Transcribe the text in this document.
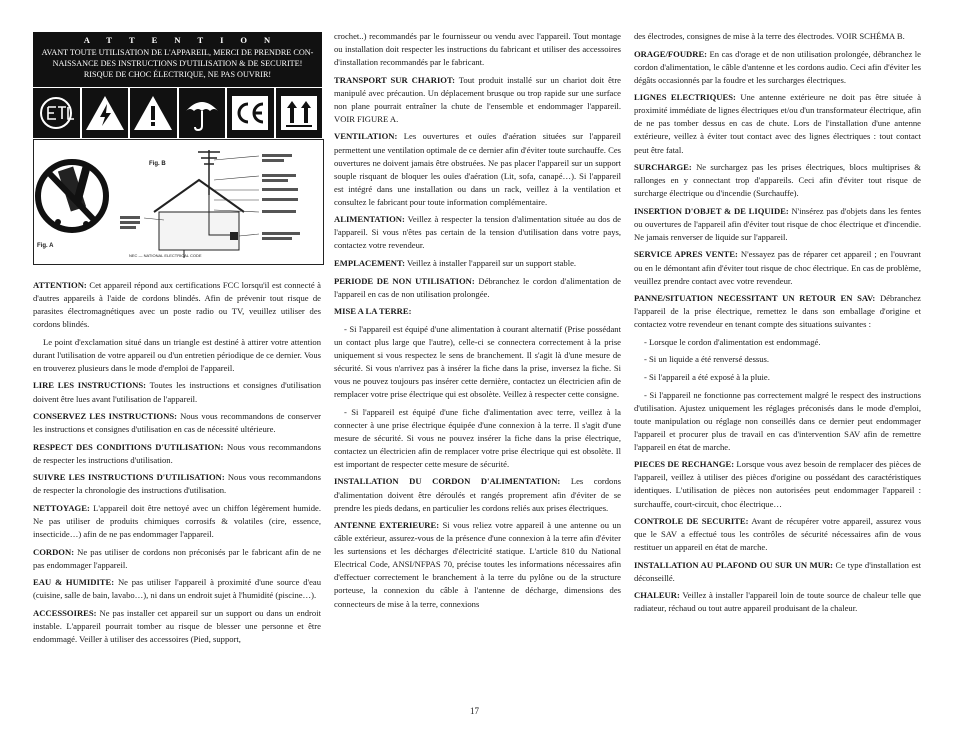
ATTENTION
AVANT TOUTE UTILISATION DE L'APPAREIL, MERCI DE PRENDRE CON-
NAISSANCE DES INSTRUCTIONS D'UTILISATION & DE SECURITE!
RISQUE DE CHOC ÉLECTRIQUE, NE PAS OUVRIR!
Fig. B
Fig. A
NEC — NATIONAL ELECTRICAL CODE

ATTENTION: Cet appareil répond aux certifications FCC lorsqu'il est connecté à d'autres appareils à l'aide de cordons blindés. Afin de prévenir tout risque de parasites électromagnétiques avec un poste radio ou TV, veuillez utiliser des cordons blindés.

Le point d'exclamation situé dans un triangle est destiné à attirer votre attention durant l'utilisation de votre appareil ou d'un entretien périodique de ce dernier. Vous en trouverez plusieurs dans le mode d'emploi de l'appareil.

LIRE LES INSTRUCTIONS: Toutes les instructions et consignes d'utilisation doivent être lues avant l'utilisation de l'appareil.

CONSERVEZ LES INSTRUCTIONS: Nous vous recommandons de conserver les instructions et consignes d'utilisation en cas de nécessité ultérieure.

RESPECT DES CONDITIONS D'UTILISATION: Nous vous recommandons de respecter les instructions d'utilisation.

SUIVRE LES INSTRUCTIONS D'UTILISATION: Nous vous recommandons de respecter la chronologie des instructions d'utilisation.

NETTOYAGE: L'appareil doit être nettoyé avec un chiffon légèrement humide. Ne pas utiliser de produits chimiques corrosifs & volatiles (cire, essence, insecticide…) afin de ne pas endommager l'appareil.

CORDON: Ne pas utiliser de cordons non préconisés par le fabricant afin de ne pas endommager l'appareil.

EAU & HUMIDITE: Ne pas utiliser l'appareil à proximité d'une source d'eau (cuisine, salle de bain, lavabo…), ni dans un endroit sujet à l'humidité (piscine…).

ACCESSOIRES: Ne pas installer cet appareil sur un support ou dans un endroit instable. L'appareil pourrait tomber au risque de blesser une personne et être endommagé. Veiller à utiliser des accessoires (Pied, support,

crochet..) recommandés par le fournisseur ou vendu avec l'appareil. Tout montage ou installation doit respecter les instructions du fabricant et utiliser des accessoires d'installation recommandés par le fabricant.

TRANSPORT SUR CHARIOT: Tout produit installé sur un chariot doit être manipulé avec précaution. Un déplacement brusque ou trop rapide sur une surface non plane pourrait entraîner la chute de l'ensemble et endommager l'appareil. VOIR FIGURE A.

VENTILATION: Les ouvertures et ouïes d'aération situées sur l'appareil permettent une ventilation optimale de ce dernier afin d'éviter toute surchauffe. Ces ouvertures ne doivent jamais être obstruées. Ne pas placer l'appareil sur un support souple risquant de bloquer les ouïes d'aération (Lit, sofa, canapé…). Si l'appareil est intégré dans une installation ou dans un rack, veillez à la ventilation et consultez le fabricant pour toute information complémentaire.

ALIMENTATION: Veillez à respecter la tension d'alimentation située au dos de l'appareil. Si vous n'êtes pas certain de la tension d'utilisation dans votre pays, contactez votre revendeur.

EMPLACEMENT: Veillez à installer l'appareil sur un support stable.

PERIODE DE NON UTILISATION: Débranchez le cordon d'alimentation de l'appareil en cas de non utilisation prolongée.

MISE A LA TERRE:

- Si l'appareil est équipé d'une alimentation à courant alternatif (Prise possédant un contact plus large que l'autre), celle-ci se connectera correctement à la prise uniquement si vous respectez le sens de branchement. Il s'agit là d'une mesure de sécurité. Si vous n'arrivez pas à insérer la fiche dans la prise, inversez la fiche. Si vous ne pouvez toujours pas insérer cette dernière, contactez un électricien afin de remplacer votre prise électrique qui est obsolète. Veillez à respecter cette consigne.

- Si l'appareil est équipé d'une fiche d'alimentation avec terre, veillez à la connecter à une prise électrique équipée d'une connexion à la terre. Il s'agit d'une mesure de sécurité. Si vous ne pouvez insérer la fiche dans la prise électrique, contactez un électricien afin de remplacer votre prise électrique qui est obsolète. Il est important de respecter cette mesure de sécurité.

INSTALLATION DU CORDON D'ALIMENTATION: Les cordons d'alimentation doivent être déroulés et rangés proprement afin d'éviter de se prendre les pieds dedans, en particulier les cordons reliés aux prises électriques.

ANTENNE EXTERIEURE: Si vous reliez votre appareil à une antenne ou un câble extérieur, assurez-vous de la présence d'une connexion à la terre afin d'éviter les surtensions et les décharges d'électricité statique. L'article 810 du National Electrical Code, ANSI/NFPAS 70, précise toutes les informations nécessaires afin d'effectuer correctement le branchement à la terre du pylône ou de la structure porteuse, la connexion du câble à l'antenne de décharge, dimensions des connecteurs de mise à la terre, connexions

des électrodes, consignes de mise à la terre des électrodes. VOIR SCHÉMA B.

ORAGE/FOUDRE: En cas d'orage et de non utilisation prolongée, débranchez le cordon d'alimentation, le câble d'antenne et les cordons audio. Ceci afin d'éviter les dégâts occasionnés par la foudre et les surcharges électriques.

LIGNES ELECTRIQUES: Une antenne extérieure ne doit pas être située à proximité immédiate de lignes électriques et/ou d'un transformateur électrique, afin de ne pas tomber dessus en cas de chute. Lors de l'installation d'une antenne extérieure, veillez à éviter tout contact avec des lignes électriques : tout contact peut être fatal.

SURCHARGE: Ne surchargez pas les prises électriques, blocs multiprises & rallonges en y connectant trop d'appareils. Ceci afin d'éviter tout risque de surcharge électrique ou d'incendie (Surchauffe).

INSERTION D'OBJET & DE LIQUIDE: N'insérez pas d'objets dans les fentes ou ouvertures de l'appareil afin d'éviter tout risque de choc électrique et d'incendie. Ne jamais renverser de liquide sur l'appareil.

SERVICE APRES VENTE: N'essayez pas de réparer cet appareil ; en l'ouvrant ou en le démontant afin d'éviter tout risque de choc électrique. En cas de problème, veuillez prendre contact avec votre revendeur.

PANNE/SITUATION NECESSITANT UN RETOUR EN SAV: Débranchez l'appareil de la prise électrique, remettez le dans son emballage d'origine et contactez votre revendeur en tenant compte des situations suivantes :

- Lorsque le cordon d'alimentation est endommagé.

- Si un liquide a été renversé dessus.

- Si l'appareil a été exposé à la pluie.

- Si l'appareil ne fonctionne pas correctement malgré le respect des instructions d'utilisation. Ajustez uniquement les réglages préconisés dans le mode d'emploi, toute manipulation ou réglage non conseillés dans ce dernier peut endommager l'appareil et procurer plus de travail en cas d'intervention SAV afin de remettre l'appareil en état de marche.

PIECES DE RECHANGE: Lorsque vous avez besoin de remplacer des pièces de l'appareil, veillez à utiliser des pièces d'origine ou possédant des caractéristiques identiques. L'utilisation de pièces non autorisées peut endommager l'appareil : surchauffe, court-circuit, choc électrique…

CONTROLE DE SECURITE: Avant de récupérer votre appareil, assurez vous que le SAV a effectué tous les contrôles de sécurité nécessaires afin de vous restituer un appareil en état de marche.

INSTALLATION AU PLAFOND OU SUR UN MUR: Ce type d'installation est déconseillé.

CHALEUR: Veillez à installer l'appareil loin de toute source de chaleur telle que radiateur, réchaud ou tout autre appareil produisant de la chaleur.

17
